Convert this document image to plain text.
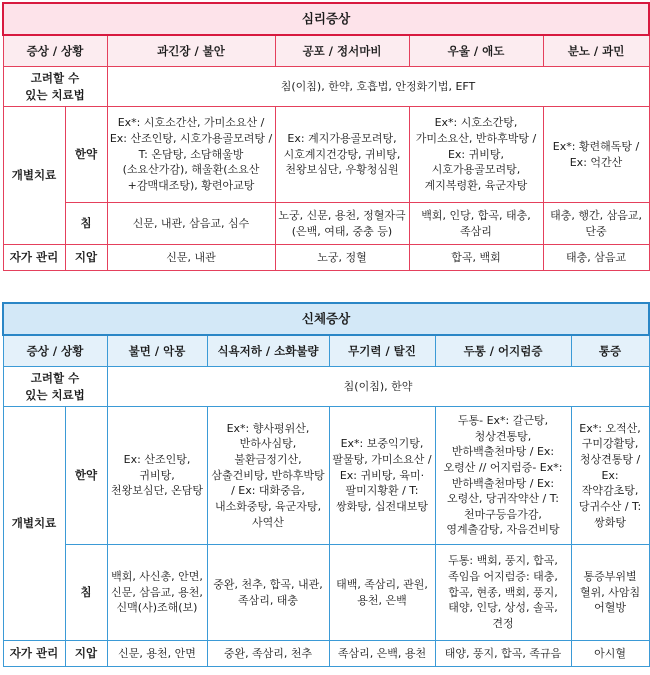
심리증상					
증상 / 상황		과긴장 / 불안	공포 / 정서마비	우울 / 애도	분노 / 과민
고려할 수
있는 치료법		침(이침), 한약, 호흡법, 안정화기법, EFT			
개별치료	한약	Ex*: 시호소간산, 가미소요산 / Ex: 산조인탕, 시호가용골모려탕 / T: 온담탕, 소담해울방(소요산가감), 해울환(소요산+감맥대조탕), 황련아교탕	Ex: 계지가용골모려탕, 시호계지건강탕, 귀비탕, 천왕보심단, 우황청심원	Ex*: 시호소간탕, 가미소요산, 반하후박탕 / Ex: 귀비탕, 시호가용골모려탕, 계지복령환, 육군자탕	Ex*: 황련해독탕 / Ex: 억간산
	침	신문, 내관, 삼음교, 심수	노궁, 신문, 용천, 정혈자극(은백, 여태, 중충 등)	백회, 인당, 합곡, 태충, 족삼리	태충, 행간, 삼음교, 단중
자가 관리	지압	신문, 내관	노궁, 정혈	합곡, 백회	태충, 삼음교
신체증상						
증상 / 상황		불면 / 악몽	식욕저하 / 소화불량	무기력 / 탈진	두통 / 어지럼증	통증
고려할 수
있는 치료법		침(이침), 한약				
개별치료	한약	Ex: 산조인탕, 귀비탕, 천왕보심단, 온담탕	Ex*: 향사평위산, 반하사심탕, 불환금정기산, 삼출건비탕, 반하후박탕 / Ex: 대화중음, 내소화중탕, 육군자탕, 사역산	Ex*: 보중익기탕, 팔물탕, 가미소요산 / Ex: 귀비탕, 육미·팔미지황환 / T: 쌍화탕, 십전대보탕	두통- Ex*: 갈근탕, 청상견통탕, 반하백출천마탕 / Ex: 오령산 // 어지럼증- Ex*:반하백출천마탕 / Ex: 오령산, 당귀작약산 / T: 천마구등음가감, 영계출감탕, 자음건비탕	Ex*: 오적산, 구미강활탕, 청상견통탕 / Ex: 작약감초탕, 당귀수산 / T: 쌍화탕
	침	백회, 사신총, 안면, 신문, 삼음교, 용천, 신맥(사)조해(보)	중완, 천추, 합곡, 내관, 족삼리, 태충	태백, 족삼리, 관원, 용천, 은백	두통: 백회, 풍지, 합곡, 족임읍 어지럼증: 태충, 합곡, 현종, 백회, 풍지, 태양, 인당, 상성, 솔곡, 견정	통증부위별 혈위, 사암침 어혈방
자가 관리	지압	신문, 용천, 안면	중완, 족삼리, 천추	족삼리, 은백, 용천	태양, 풍지, 합곡, 족규음	아시혈
